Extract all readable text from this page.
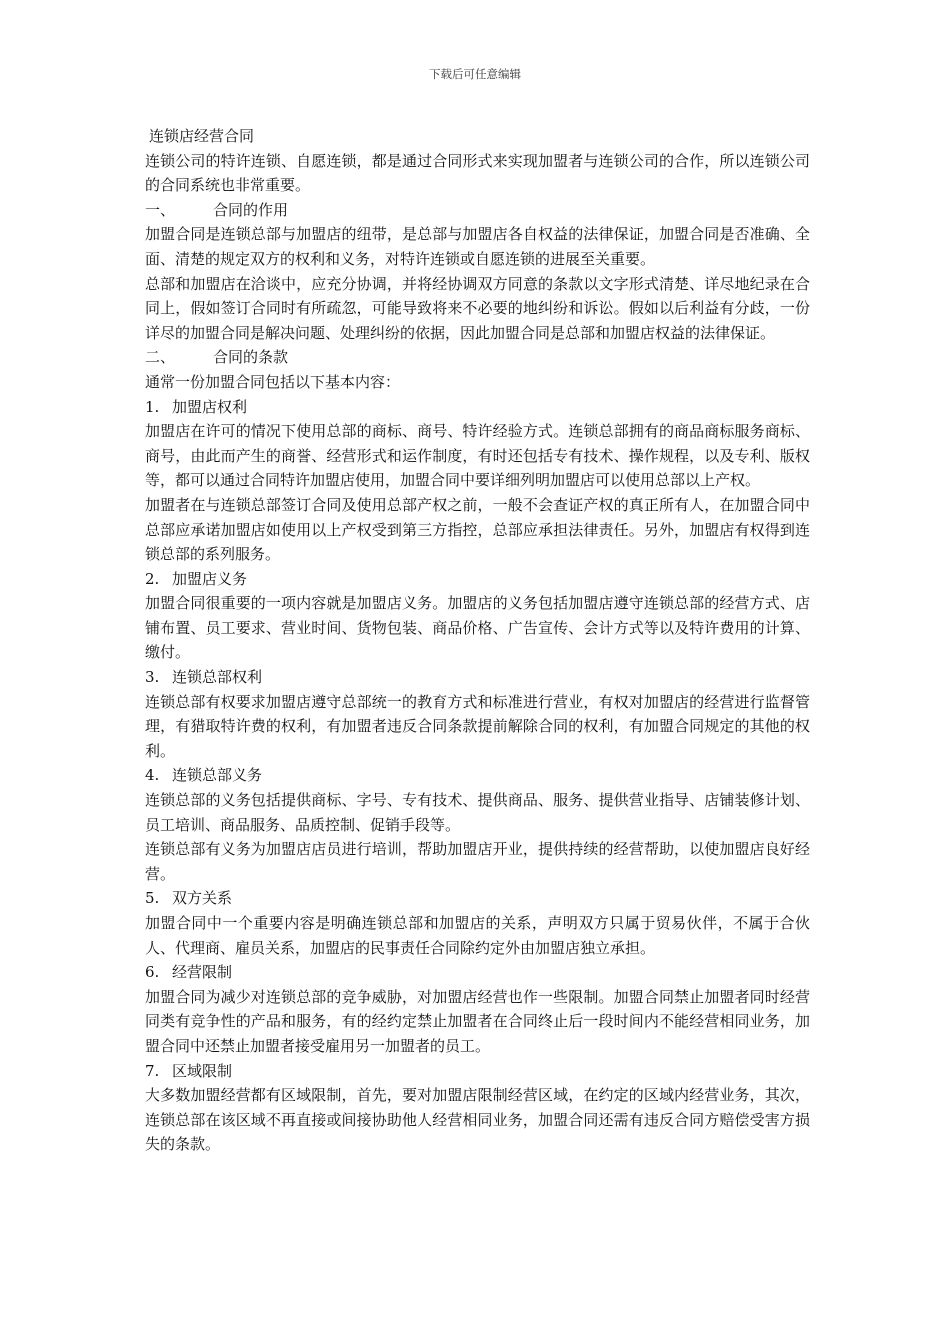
下载后可任意编辑

连锁店经营合同

连锁公司的特许连锁、自愿连锁，都是通过合同形式来实现加盟者与连锁公司的合作，所以连锁公司的合同系统也非常重要。

一、	合同的作用

加盟合同是连锁总部与加盟店的纽带，是总部与加盟店各自权益的法律保证，加盟合同是否准确、全面、清楚的规定双方的权利和义务，对特许连锁或自愿连锁的进展至关重要。

总部和加盟店在洽谈中，应充分协调，并将经协调双方同意的条款以文字形式清楚、详尽地纪录在合同上，假如签订合同时有所疏忽，可能导致将来不必要的地纠纷和诉讼。假如以后利益有分歧，一份详尽的加盟合同是解决问题、处理纠纷的依据，因此加盟合同是总部和加盟店权益的法律保证。

二、	合同的条款

通常一份加盟合同包括以下基本内容：

1. 加盟店权利

加盟店在许可的情况下使用总部的商标、商号、特许经验方式。连锁总部拥有的商品商标服务商标、商号，由此而产生的商誉、经营形式和运作制度，有时还包括专有技术、操作规程，以及专利、版权等，都可以通过合同特许加盟店使用，加盟合同中要详细列明加盟店可以使用总部以上产权。

加盟者在与连锁总部签订合同及使用总部产权之前，一般不会查证产权的真正所有人，在加盟合同中总部应承诺加盟店如使用以上产权受到第三方指控，总部应承担法律责任。另外，加盟店有权得到连锁总部的系列服务。

2. 加盟店义务

加盟合同很重要的一项内容就是加盟店义务。加盟店的义务包括加盟店遵守连锁总部的经营方式、店铺布置、员工要求、营业时间、货物包装、商品价格、广告宣传、会计方式等以及特许费用的计算、缴付。

3. 连锁总部权利

连锁总部有权要求加盟店遵守总部统一的教育方式和标准进行营业，有权对加盟店的经营进行监督管理，有猎取特许费的权利，有加盟者违反合同条款提前解除合同的权利，有加盟合同规定的其他的权利。

4. 连锁总部义务

连锁总部的义务包括提供商标、字号、专有技术、提供商品、服务、提供营业指导、店铺装修计划、员工培训、商品服务、品质控制、促销手段等。

连锁总部有义务为加盟店店员进行培训，帮助加盟店开业，提供持续的经营帮助，以使加盟店良好经营。

5. 双方关系

加盟合同中一个重要内容是明确连锁总部和加盟店的关系，声明双方只属于贸易伙伴，不属于合伙人、代理商、雇员关系，加盟店的民事责任合同除约定外由加盟店独立承担。

6. 经营限制

加盟合同为减少对连锁总部的竞争威胁，对加盟店经营也作一些限制。加盟合同禁止加盟者同时经营同类有竞争性的产品和服务，有的经约定禁止加盟者在合同终止后一段时间内不能经营相同业务，加盟合同中还禁止加盟者接受雇用另一加盟者的员工。

7. 区域限制

大多数加盟经营都有区域限制，首先，要对加盟店限制经营区域，在约定的区域内经营业务，其次，连锁总部在该区域不再直接或间接协助他人经营相同业务，加盟合同还需有违反合同方赔偿受害方损失的条款。
